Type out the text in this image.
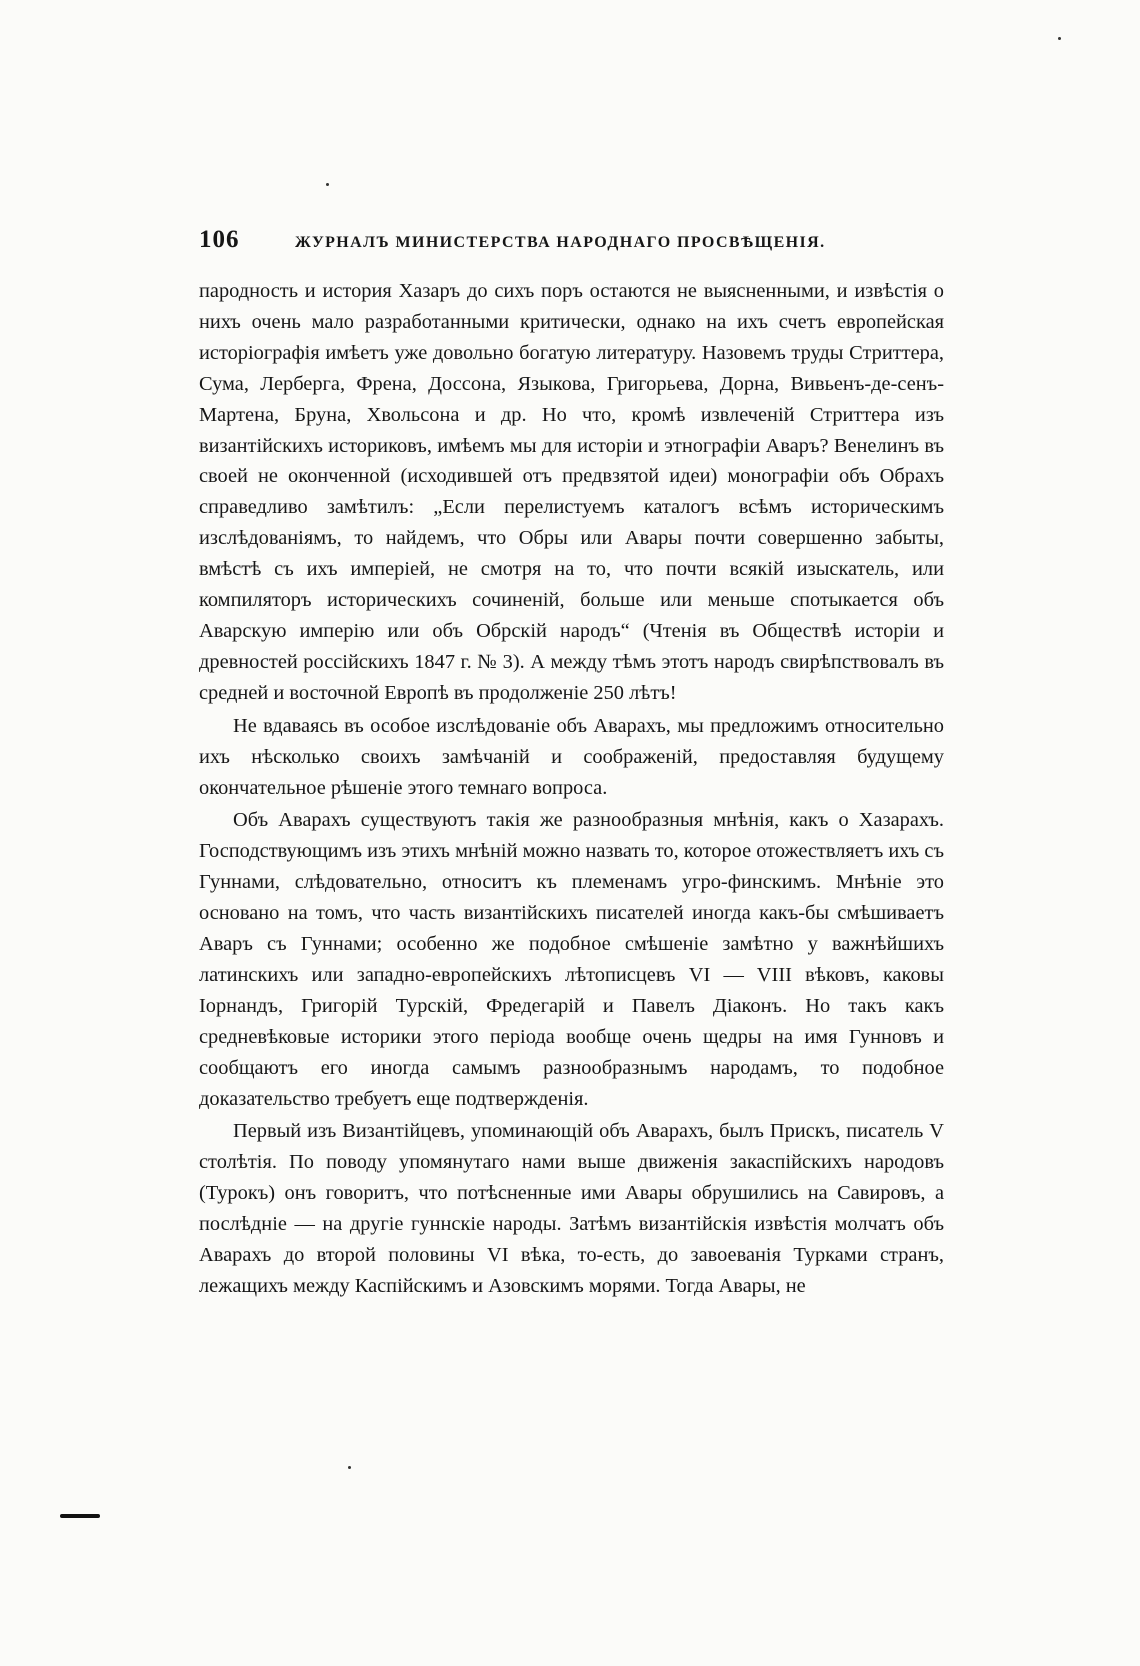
106	ЖУРНАЛЪ МИНИСТЕРСТВА НАРОДНАГО ПРОСВѢЩЕНІЯ.

пародность и история Хазаръ до сихъ поръ остаются не выясненными, и извѣстія о нихъ очень мало разработанными критически, однако на ихъ счетъ европейская исторіографія имѣетъ уже довольно богатую литературу. Назовемъ труды Стриттера, Сума, Лерберга, Френа, Доссона, Языкова, Григорьева, Дорна, Вивьенъ-де-сенъ-Мартена, Бруна, Хвольсона и др. Но что, кромѣ извлеченій Стриттера изъ византійскихъ историковъ, имѣемъ мы для исторіи и этнографіи Аваръ? Венелинъ въ своей не оконченной (исходившей отъ предвзятой идеи) монографіи объ Обрахъ справедливо замѣтилъ: „Если перелистуемъ каталогъ всѣмъ историческимъ изслѣдованіямъ, то найдемъ, что Обры или Авары почти совершенно забыты, вмѣстѣ съ ихъ имперіей, не смотря на то, что почти всякій изыскатель, или компиляторъ историческихъ сочиненій, больше или меньше спотыкается объ Аварскую имперію или объ Обрскій народъ“ (Чтенія въ Обществѣ исторіи и древностей россійскихъ 1847 г. № 3). А между тѣмъ этотъ народъ свирѣпствовалъ въ средней и восточной Европѣ въ продолженіе 250 лѣтъ!

Не вдаваясь въ особое изслѣдованіе объ Аварахъ, мы предложимъ относительно ихъ нѣсколько своихъ замѣчаній и соображеній, предоставляя будущему окончательное рѣшеніе этого темнаго вопроса.

Объ Аварахъ существуютъ такія же разнообразныя мнѣнія, какъ о Хазарахъ. Господствующимъ изъ этихъ мнѣній можно назвать то, которое отожествляетъ ихъ съ Гуннами, слѣдовательно, относитъ къ племенамъ угро-финскимъ. Мнѣніе это основано на томъ, что часть византійскихъ писателей иногда какъ-бы смѣшиваетъ Аваръ съ Гуннами; особенно же подобное смѣшеніе замѣтно у важнѣйшихъ латинскихъ или западно-европейскихъ лѣтописцевъ VI — VIII вѣковъ, каковы Іорнандъ, Григорій Турскій, Фредегарій и Павелъ Діаконъ. Но такъ какъ средневѣковые историки этого періода вообще очень щедры на имя Гунновъ и сообщаютъ его иногда самымъ разнообразнымъ народамъ, то подобное доказательство требуетъ еще подтвержденія.

Первый изъ Византійцевъ, упоминающій объ Аварахъ, былъ Прискъ, писатель V столѣтія. По поводу упомянутаго нами выше движенія закаспійскихъ народовъ (Турокъ) онъ говоритъ, что потѣсненные ими Авары обрушились на Савировъ, а послѣдніе — на другіе гуннскіе народы. Затѣмъ византійскія извѣстія молчатъ объ Аварахъ до второй половины VI вѣка, то-есть, до завоеванія Турками странъ, лежащихъ между Каспійскимъ и Азовскимъ морями. Тогда Авары, не
